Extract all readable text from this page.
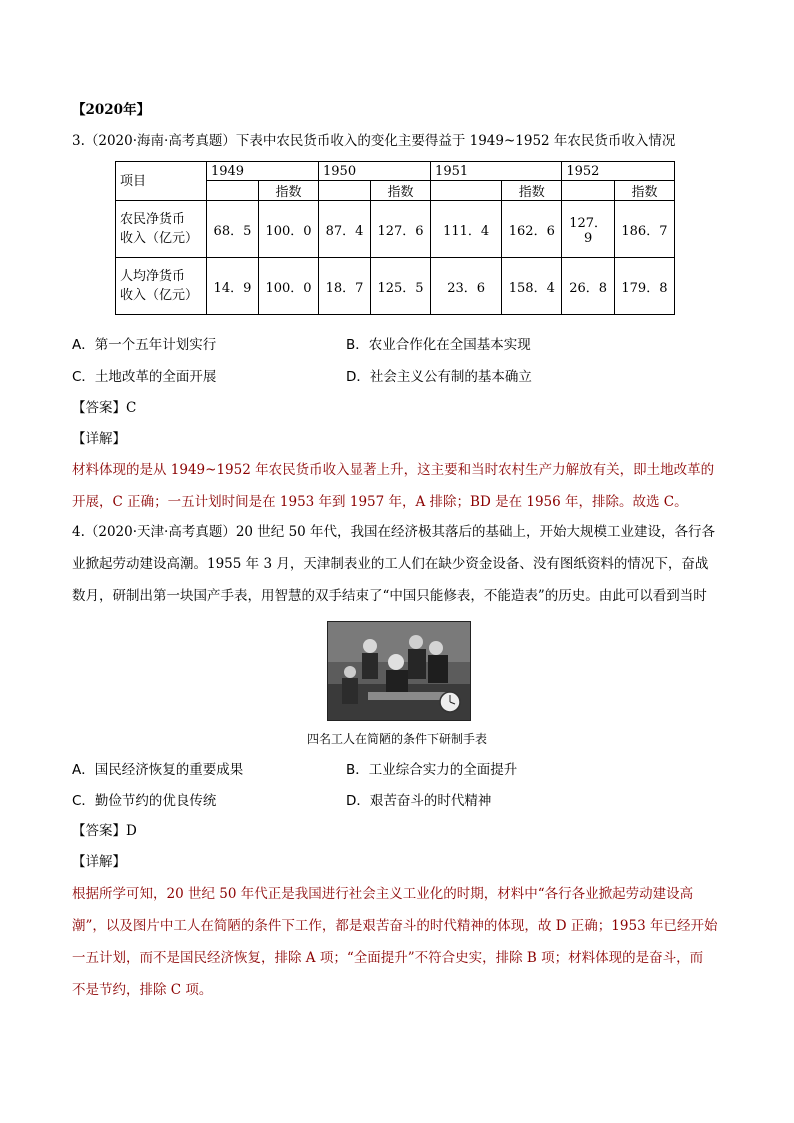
【2020年】
3.（2020·海南·高考真题）下表中农民货币收入的变化主要得益于 1949~1952 年农民货币收入情况
项目	1949		1950		1951		1952	
		指数		指数		指数		指数

农民净货币
收入（亿元）	68．5	100．0	87．4	127．6	111．4	162．6	127．9	186．7

人均净货币
收入（亿元）	14．9	100．0	18．7	125．5	23．6	158．4	26．8	179．8
A．第一个五年计划实行	B．农业合作化在全国基本实现
C．土地改革的全面开展	D．社会主义公有制的基本确立
【答案】C
【详解】
材料体现的是从 1949~1952 年农民货币收入显著上升，这主要和当时农村生产力解放有关，即土地改革的
开展，C 正确；一五计划时间是在 1953 年到 1957 年，A 排除；BD 是在 1956 年，排除。故选 C。
4.（2020·天津·高考真题）20 世纪 50 年代，我国在经济极其落后的基础上，开始大规模工业建设，各行各
业掀起劳动建设高潮。1955 年 3 月，天津制表业的工人们在缺少资金设备、没有图纸资料的情况下，奋战
数月，研制出第一块国产手表，用智慧的双手结束了“中国只能修表，不能造表”的历史。由此可以看到当时
四名工人在简陋的条件下研制手表
A．国民经济恢复的重要成果	B．工业综合实力的全面提升
C．勤俭节约的优良传统	D．艰苦奋斗的时代精神
【答案】D
【详解】
根据所学可知，20 世纪 50 年代正是我国进行社会主义工业化的时期，材料中“各行各业掀起劳动建设高
潮”，以及图片中工人在简陋的条件下工作，都是艰苦奋斗的时代精神的体现，故 D 正确；1953 年已经开始
一五计划，而不是国民经济恢复，排除 A 项；“全面提升”不符合史实，排除 B 项；材料体现的是奋斗，而
不是节约，排除 C 项。
